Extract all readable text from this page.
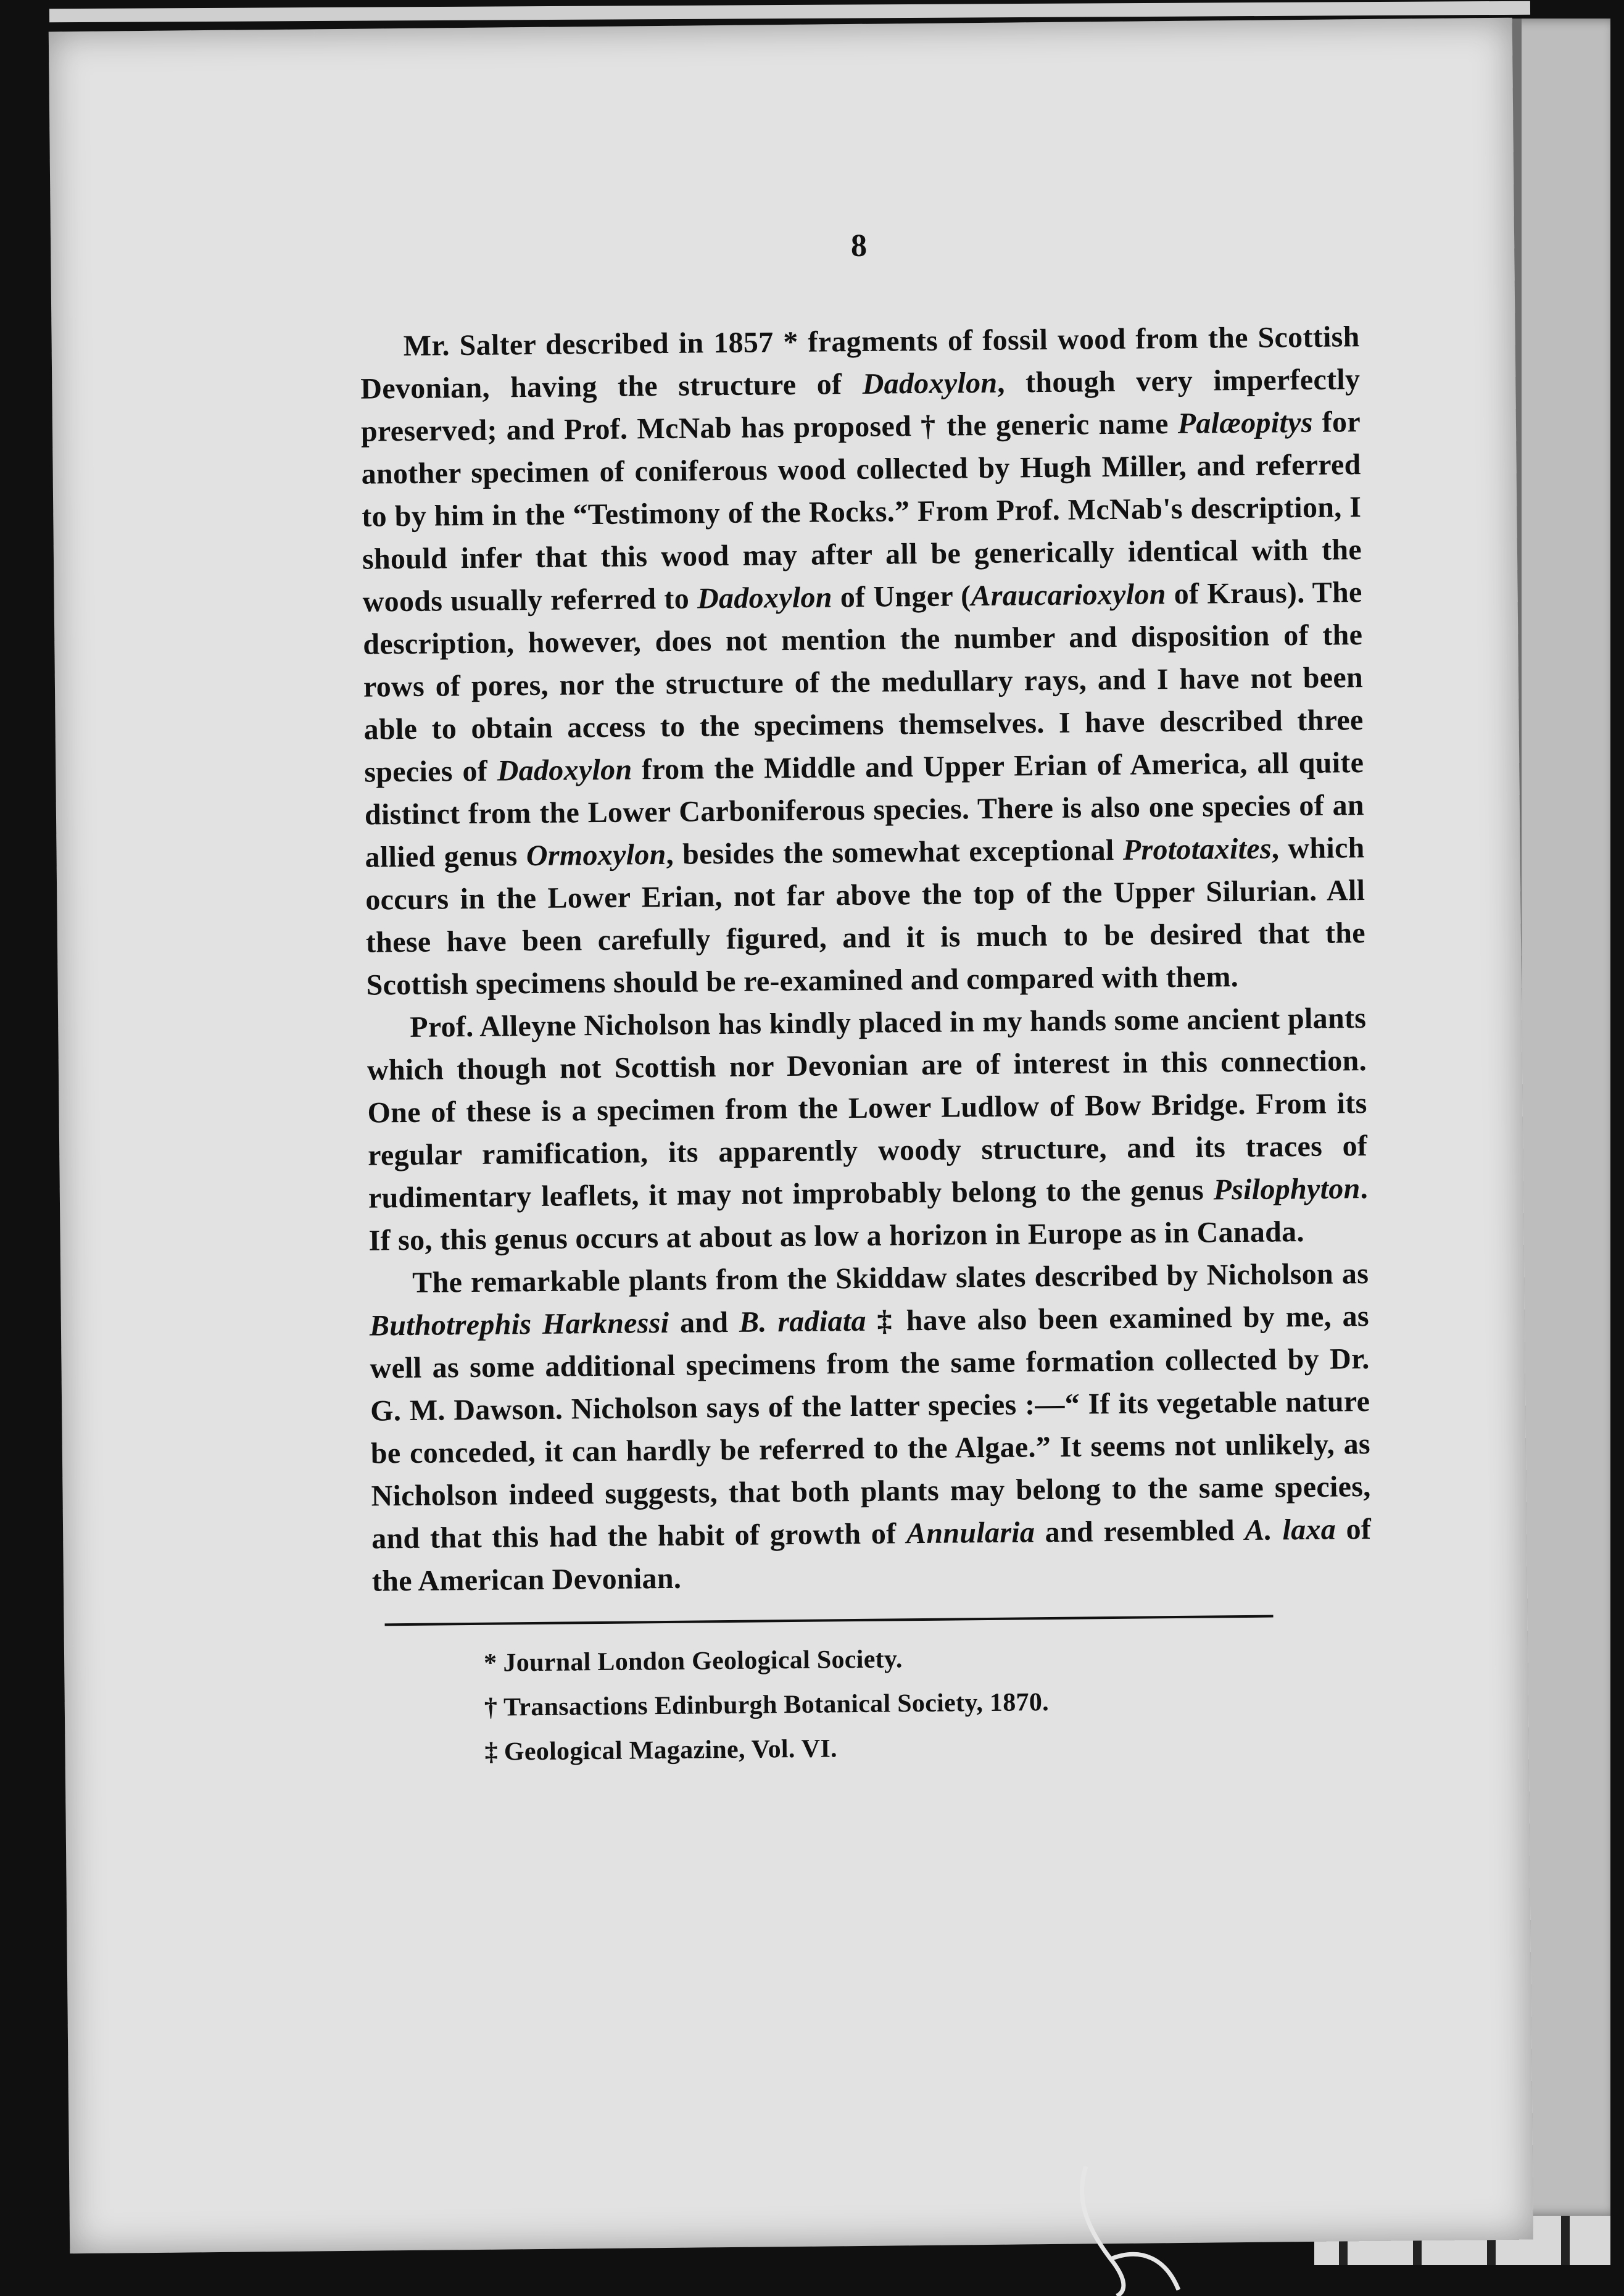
8

Mr. Salter described in 1857 * fragments of fossil wood from the Scottish Devonian, having the structure of Dadoxylon, though very imperfectly preserved; and Prof. McNab has proposed † the generic name Palæopitys for another specimen of coniferous wood collected by Hugh Miller, and referred to by him in the “Testimony of the Rocks.” From Prof. McNab's description, I should infer that this wood may after all be generically identical with the woods usually referred to Dadoxylon of Unger (Araucarioxylon of Kraus). The description, however, does not mention the number and disposition of the rows of pores, nor the structure of the medullary rays, and I have not been able to obtain access to the specimens themselves. I have described three species of Dadoxylon from the Middle and Upper Erian of America, all quite distinct from the Lower Carboniferous species. There is also one species of an allied genus Ormoxylon, besides the somewhat exceptional Prototaxites, which occurs in the Lower Erian, not far above the top of the Upper Silurian. All these have been carefully figured, and it is much to be desired that the Scottish specimens should be re-examined and compared with them.

Prof. Alleyne Nicholson has kindly placed in my hands some ancient plants which though not Scottish nor Devonian are of interest in this connection. One of these is a specimen from the Lower Ludlow of Bow Bridge. From its regular ramification, its apparently woody structure, and its traces of rudimentary leaflets, it may not improbably belong to the genus Psilophyton. If so, this genus occurs at about as low a horizon in Europe as in Canada.

The remarkable plants from the Skiddaw slates described by Nicholson as Buthotrephis Harknessi and B. radiata ‡ have also been examined by me, as well as some additional specimens from the same formation collected by Dr. G. M. Dawson. Nicholson says of the latter species :—“ If its vegetable nature be conceded, it can hardly be referred to the Algae.” It seems not unlikely, as Nicholson indeed suggests, that both plants may belong to the same species, and that this had the habit of growth of Annularia and resembled A. laxa of the American Devonian.

* Journal London Geological Society.

† Transactions Edinburgh Botanical Society, 1870.

‡ Geological Magazine, Vol. VI.
